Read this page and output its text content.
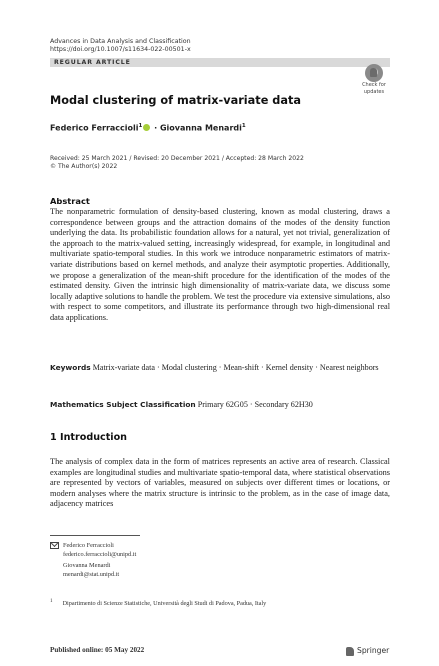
Advances in Data Analysis and Classification
https://doi.org/10.1007/s11634-022-00501-x
REGULAR ARTICLE
Check for
updates
Modal clustering of matrix-variate data
Federico Ferraccioli$^1$ · Giovanna Menardi$^1$
Received: 25 March 2021 / Revised: 20 December 2021 / Accepted: 28 March 2022
© The Author(s) 2022
Abstract
The nonparametric formulation of density-based clustering, known as modal clustering, draws a correspondence between groups and the attraction domains of the modes of the density function underlying the data. Its probabilistic foundation allows for a natural, yet not trivial, generalization of the approach to the matrix-valued setting, increasingly widespread, for example, in longitudinal and multivariate spatio-temporal studies. In this work we introduce nonparametric estimators of matrix-variate distributions based on kernel methods, and analyze their asymptotic properties. Additionally, we propose a generalization of the mean-shift procedure for the identification of the modes of the estimated density. Given the intrinsic high dimensionality of matrix-variate data, we discuss some locally adaptive solutions to handle the problem. We test the procedure via extensive simulations, also with respect to some competitors, and illustrate its performance through two high-dimensional real data applications.
Keywords Matrix-variate data · Modal clustering · Mean-shift · Kernel density · Nearest neighbors
Mathematics Subject Classification Primary 62G05 · Secondary 62H30
1 Introduction
The analysis of complex data in the form of matrices represents an active area of research. Classical examples are longitudinal studies and multivariate spatio-temporal data, where statistical observations are represented by vectors of variables, measured on subjects over different times or locations, or modern analyses where the matrix structure is intrinsic to the problem, as in the case of image data, adjacency matrices
Federico Ferraccioli
federico.ferraccioli@unipd.it
Giovanna Menardi
menardi@stat.unipd.it
$^1$ Dipartimento di Scienze Statistiche, Università degli Studi di Padova, Padua, Italy
Published online: 05 May 2022	Springer
